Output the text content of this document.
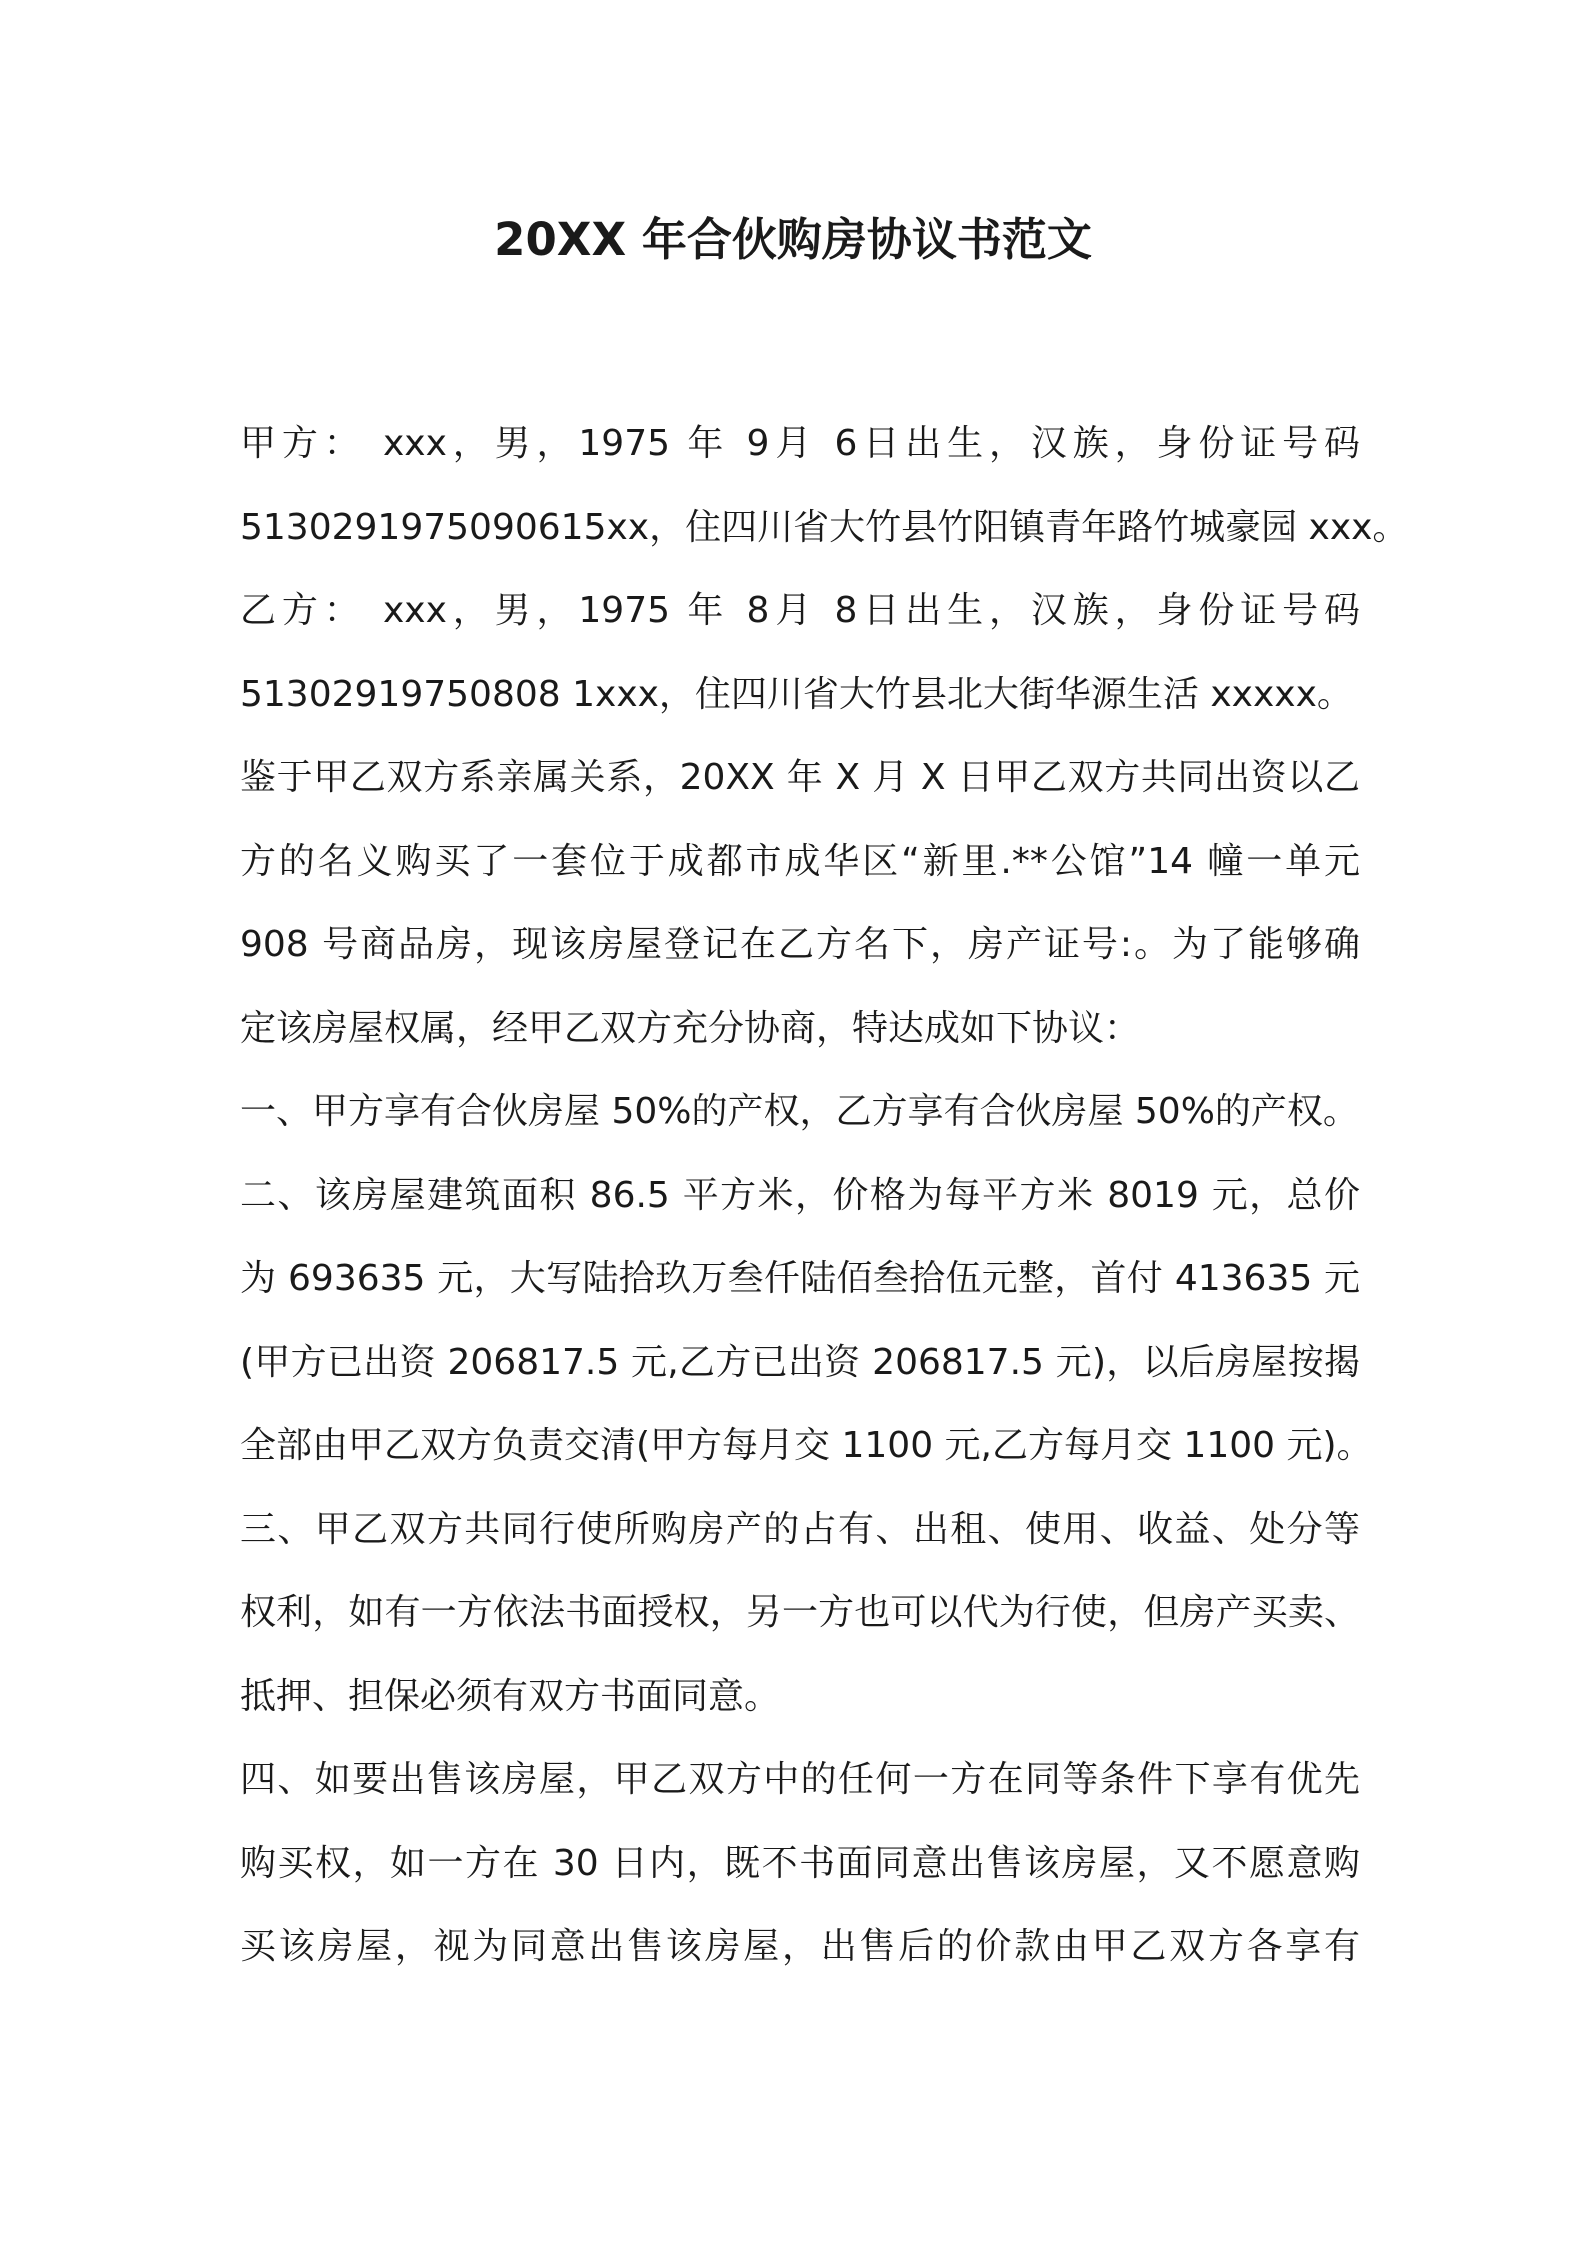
20XX 年合伙购房协议书范文
甲方： xxx，男，1975 年 9月 6日出生，汉族，身份证号码
5130291975090615xx，住四川省大竹县竹阳镇青年路竹城豪园 xxx。
乙方： xxx，男，1975 年 8月 8日出生，汉族，身份证号码
51302919750808 1xxx，住四川省大竹县北大街华源生活 xxxxx。
鉴于甲乙双方系亲属关系，20XX 年 X 月 X 日甲乙双方共同出资以乙
方的名义购买了一套位于成都市成华区“新里.**公馆”14 幢一单元
908 号商品房，现该房屋登记在乙方名下，房产证号:。为了能够确
定该房屋权属，经甲乙双方充分协商，特达成如下协议：
一、甲方享有合伙房屋 50%的产权，乙方享有合伙房屋 50%的产权。
二、该房屋建筑面积 86.5 平方米，价格为每平方米 8019 元，总价
为 693635 元，大写陆拾玖万叁仟陆佰叁拾伍元整，首付 413635 元
(甲方已出资 206817.5 元,乙方已出资 206817.5 元)，以后房屋按揭
全部由甲乙双方负责交清(甲方每月交 1100 元,乙方每月交 1100 元)。
三、甲乙双方共同行使所购房产的占有、出租、使用、收益、处分等
权利，如有一方依法书面授权，另一方也可以代为行使，但房产买卖、
抵押、担保必须有双方书面同意。
四、如要出售该房屋，甲乙双方中的任何一方在同等条件下享有优先
购买权，如一方在 30 日内，既不书面同意出售该房屋，又不愿意购
买该房屋，视为同意出售该房屋，出售后的价款由甲乙双方各享有
